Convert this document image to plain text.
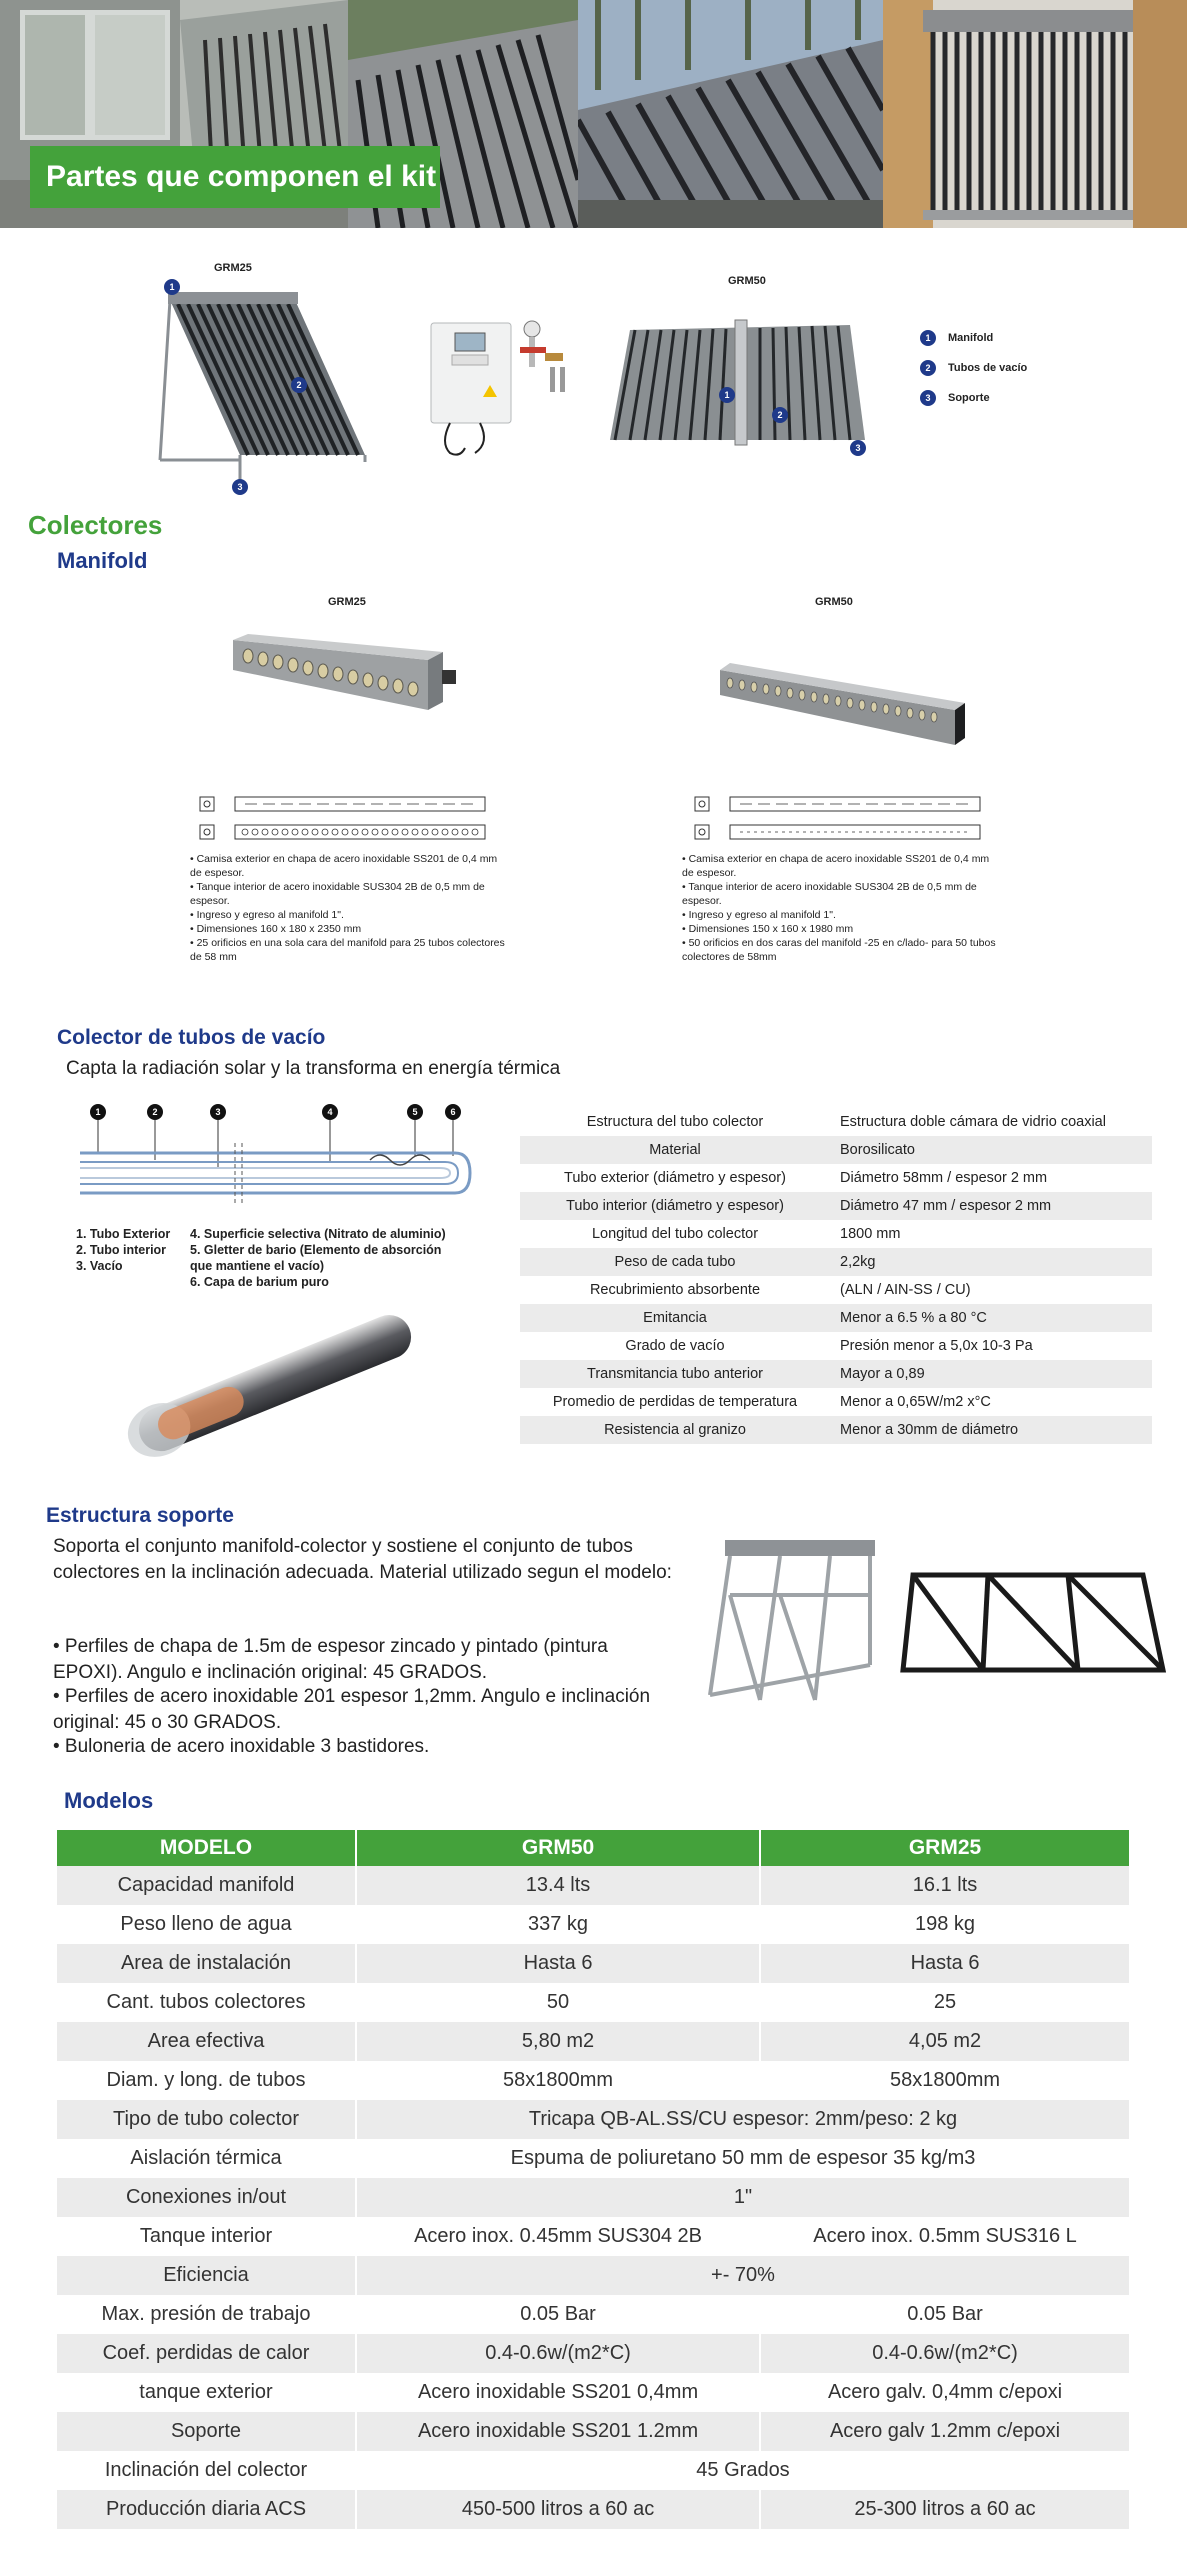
Partes que componen el kit
GRM25
1
2
3
GRM50
1
2
3
1	Manifold
2	Tubos de vacío
3	Soporte
Colectores
Manifold
GRM25
• Camisa exterior en chapa de acero inoxidable SS201 de 0,4 mm de espesor.
• Tanque interior de acero inoxidable SUS304 2B de 0,5 mm de espesor.
• Ingreso y egreso al manifold 1".
• Dimensiones 160 x 180 x 2350 mm
• 25 orificios en una sola cara del manifold para 25 tubos colectores de 58 mm
GRM50
• Camisa exterior en chapa de acero inoxidable SS201 de 0,4 mm de espesor.
• Tanque interior de acero inoxidable SUS304 2B de 0,5 mm de espesor.
• Ingreso y egreso al manifold 1".
• Dimensiones 150 x 160 x 1980 mm
• 50 orificios en dos caras del manifold -25 en c/lado- para 50 tubos colectores de 58mm
Colector de tubos de vacío
Capta la radiación solar y la transforma en energía térmica
1	2	3	4	5	6
1. Tubo Exterior
2. Tubo interior
3. Vacío
4. Superficie selectiva (Nitrato de aluminio)
5. Gletter de bario (Elemento de absorción
que mantiene el vacío)
6. Capa de barium puro
Estructura del tubo colector	Estructura doble cámara de vidrio coaxial
Material	Borosilicato
Tubo exterior (diámetro y espesor)	Diámetro 58mm / espesor 2 mm
Tubo interior (diámetro y espesor)	Diámetro 47 mm / espesor 2 mm
Longitud del tubo colector	1800 mm
Peso de cada tubo	2,2kg
Recubrimiento absorbente	(ALN / AIN-SS / CU)
Emitancia	Menor a 6.5 % a 80 °C
Grado de vacío	Presión menor a 5,0x 10-3 Pa
Transmitancia tubo anterior	Mayor a 0,89
Promedio de perdidas de temperatura	Menor a 0,65W/m2 x°C
Resistencia al granizo	Menor a 30mm de diámetro
Estructura soporte
Soporta el conjunto manifold-colector y sostiene el conjunto de tubos colectores en la inclinación adecuada. Material utilizado segun el modelo:
• Perfiles de chapa de 1.5m de espesor zincado y pintado (pintura EPOXI). Angulo e inclinación original: 45 GRADOS.
• Perfiles de acero inoxidable 201 espesor 1,2mm. Angulo e inclinación original: 45 o 30 GRADOS.
• Buloneria de acero inoxidable 3 bastidores.
Modelos
MODELO	GRM50	GRM25
Capacidad manifold	13.4 lts	16.1 lts
Peso lleno de agua	337 kg	198 kg
Area de instalación	Hasta 6	Hasta 6
Cant. tubos colectores	50	25
Area efectiva	5,80 m2	4,05 m2
Diam. y long. de tubos	58x1800mm	58x1800mm
Tipo de tubo colector	Tricapa QB-AL.SS/CU espesor: 2mm/peso: 2 kg	
Aislación térmica	Espuma de poliuretano 50 mm de espesor 35 kg/m3	
Conexiones in/out	1"	
Tanque interior	Acero inox. 0.45mm SUS304 2B	Acero inox. 0.5mm SUS316 L
Eficiencia	+- 70%	
Max. presión de trabajo	0.05 Bar	0.05 Bar
Coef. perdidas de calor	0.4-0.6w/(m2*C)	0.4-0.6w/(m2*C)
tanque exterior	Acero inoxidable SS201 0,4mm	Acero galv. 0,4mm c/epoxi
Soporte	Acero inoxidable SS201 1.2mm	Acero galv 1.2mm c/epoxi
Inclinación del colector	45 Grados	
Producción diaria ACS	450-500 litros a 60 ac	25-300 litros a 60 ac
